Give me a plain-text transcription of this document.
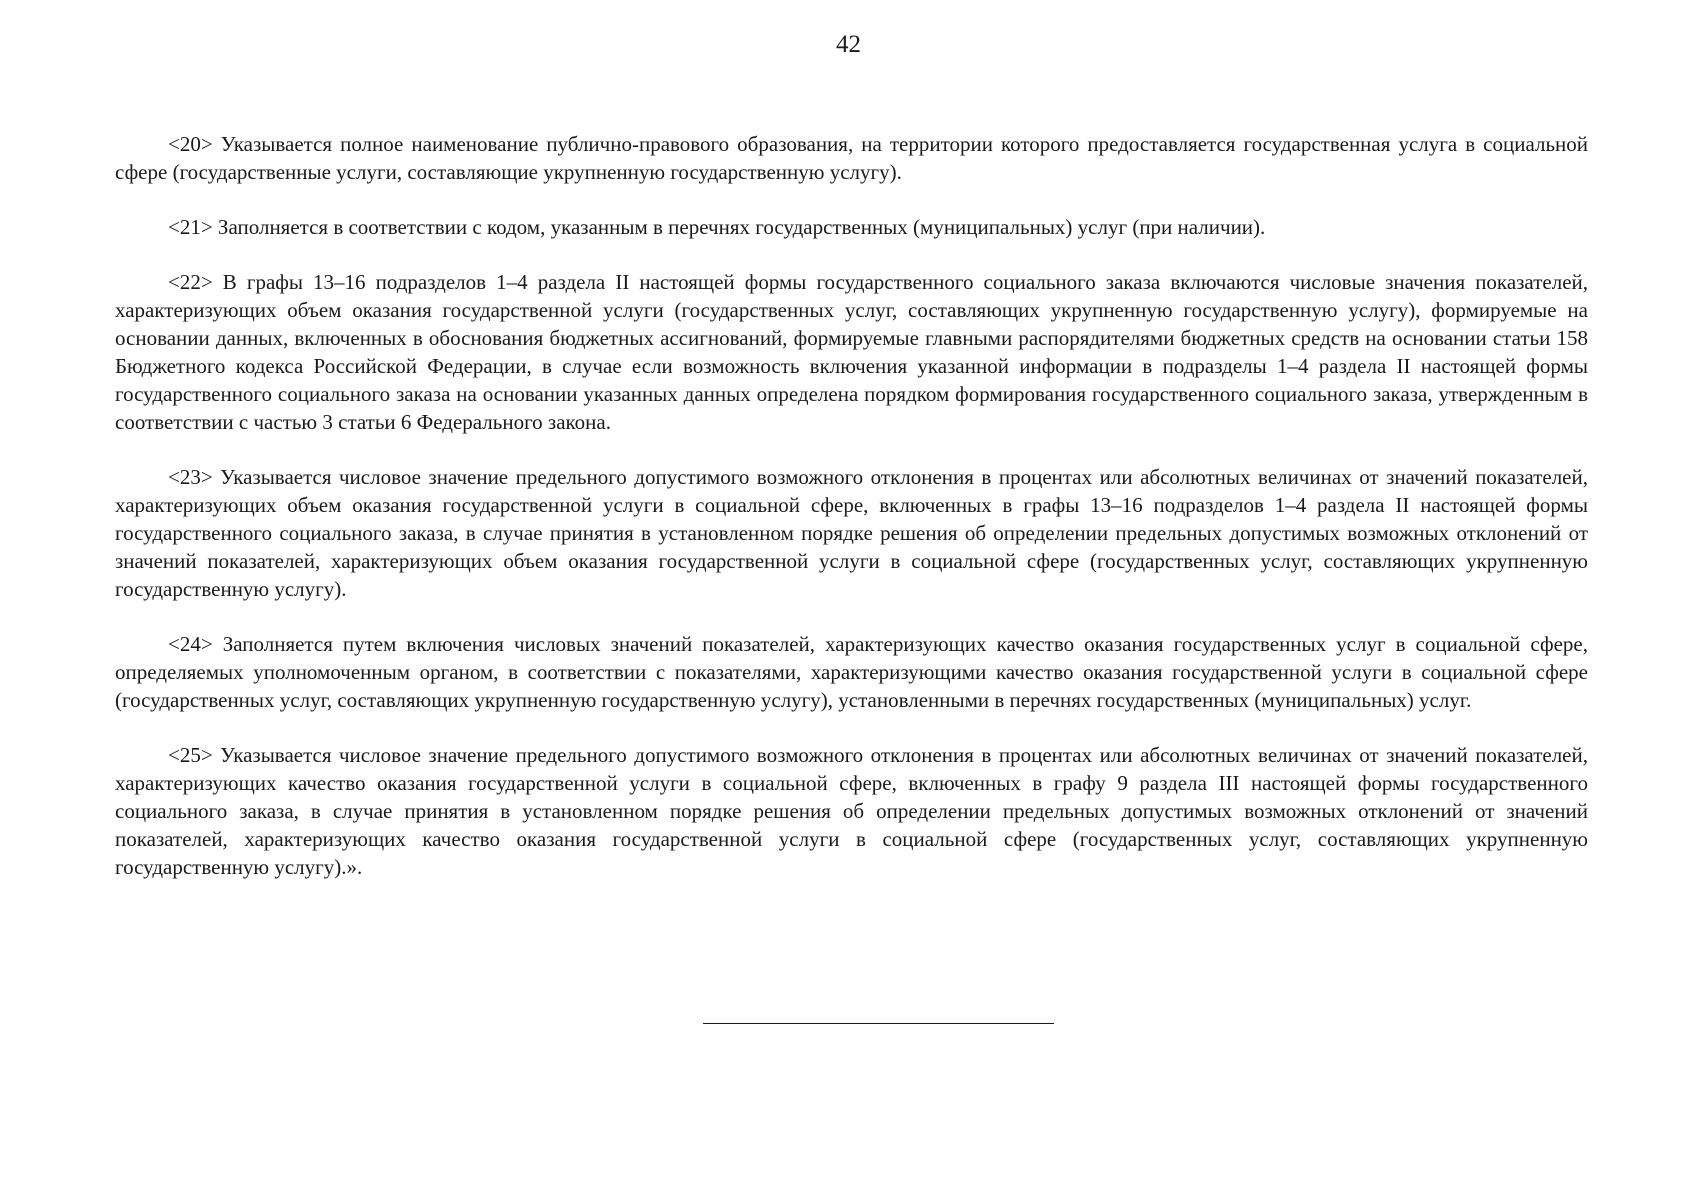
42

<20> Указывается полное наименование публично-правового образования, на территории которого предоставляется государственная услуга в социальной сфере (государственные услуги, составляющие укрупненную государственную услугу).

<21> Заполняется в соответствии с кодом, указанным в перечнях государственных (муниципальных) услуг (при наличии).

<22> В графы 13–16 подразделов 1–4 раздела II настоящей формы государственного социального заказа включаются числовые значения показателей, характеризующих объем оказания государственной услуги (государственных услуг, составляющих укрупненную государственную услугу), формируемые на основании данных, включенных в обоснования бюджетных ассигнований, формируемые главными распорядителями бюджетных средств на основании статьи 158 Бюджетного кодекса Российской Федерации, в случае если возможность включения указанной информации в подразделы 1–4 раздела II настоящей формы государственного социального заказа на основании указанных данных определена порядком формирования государственного социального заказа, утвержденным в соответствии с частью 3 статьи 6 Федерального закона.

<23> Указывается числовое значение предельного допустимого возможного отклонения в процентах или абсолютных величинах от значений показателей, характеризующих объем оказания государственной услуги в социальной сфере, включенных в графы 13–16 подразделов 1–4 раздела II настоящей формы государственного социального заказа, в случае принятия в установленном порядке решения об определении предельных допустимых возможных отклонений от значений показателей, характеризующих объем оказания государственной услуги в социальной сфере (государственных услуг, составляющих укрупненную государственную услугу).

<24> Заполняется путем включения числовых значений показателей, характеризующих качество оказания государственных услуг в социальной сфере, определяемых уполномоченным органом, в соответствии с показателями, характеризующими качество оказания государственной услуги в социальной сфере (государственных услуг, составляющих укрупненную государственную услугу), установленными в перечнях государственных (муниципальных) услуг.

<25> Указывается числовое значение предельного допустимого возможного отклонения в процентах или абсолютных величинах от значений показателей, характеризующих качество оказания государственной услуги в социальной сфере, включенных в графу 9 раздела III настоящей формы государственного социального заказа, в случае принятия в установленном порядке решения об определении предельных допустимых возможных отклонений от значений показателей, характеризующих качество оказания государственной услуги в социальной сфере (государственных услуг, составляющих укрупненную государственную услугу).».
